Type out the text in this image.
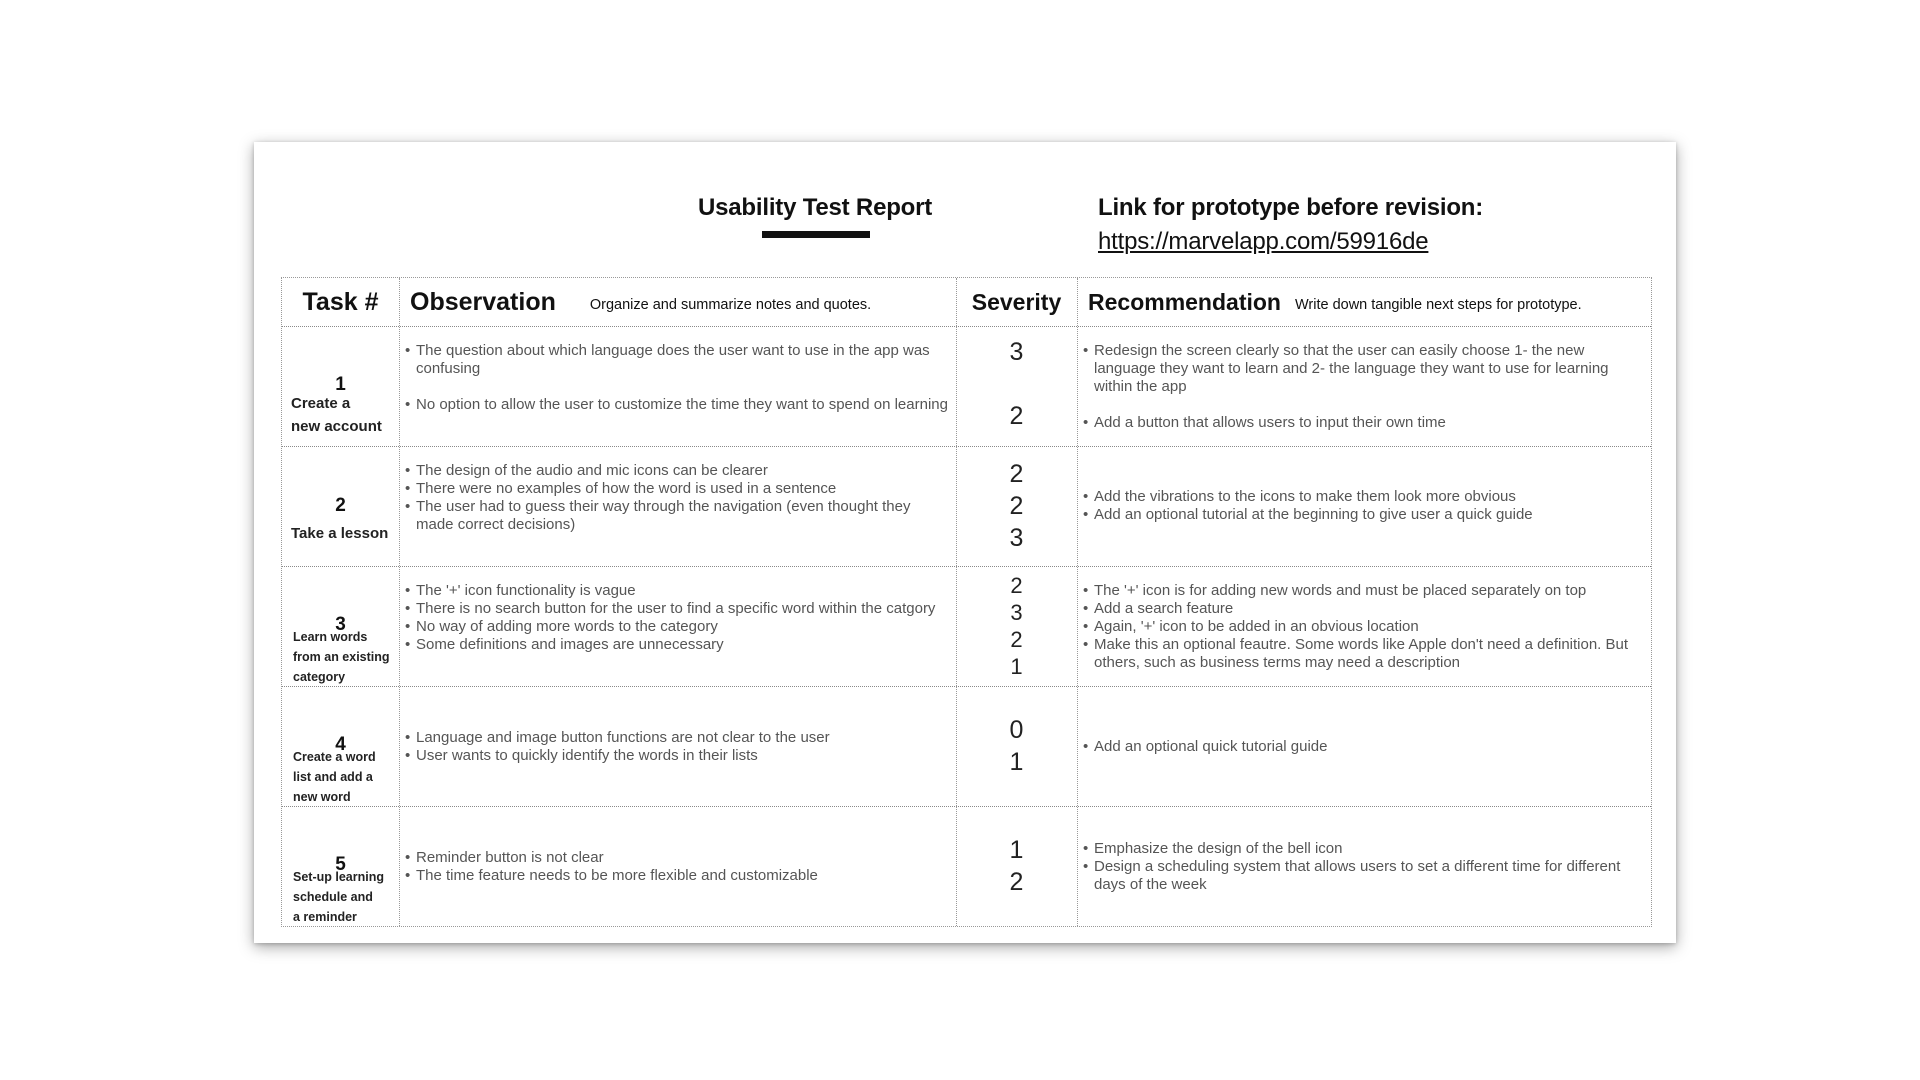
Usability Test Report	Link for prototype before revision:
https://marvelapp.com/59916de
Task # Observation Organize and summarize notes and quotes.	Severity Recommendation Write down tangible next steps for prototype.
1
Create a
new account
• The question about which language does the user want to use in the app was confusing
• No option to allow the user to customize the time they want to spend on learning
3
2
• Redesign the screen clearly so that the user can easily choose 1- the new language they want to learn and 2- the language they want to use for learning within the app
• Add a button that allows users to input their own time
2
Take a lesson
• The design of the audio and mic icons can be clearer
• There were no examples of how the word is used in a sentence
• The user had to guess their way through the navigation (even thought they made correct decisions)
2
2
3
• Add the vibrations to the icons to make them look more obvious
• Add an optional tutorial at the beginning to give user a quick guide
3
Learn words
from an existing
category
• The '+' icon functionality is vague
• There is no search button for the user to find a specific word within the catgory
• No way of adding more words to the category
• Some definitions and images are unnecessary
2
3
2
1
• The '+' icon is for adding new words and must be placed separately on top
• Add a search feature
• Again, '+' icon to be added in an obvious location
• Make this an optional feautre. Some words like Apple don't need a definition. But others, such as business terms may need a description
4
Create a word
list and add a
new word
• Language and image button functions are not clear to the user
• User wants to quickly identify the words in their lists
0
1
• Add an optional quick tutorial guide
5
Set-up learning
schedule and
a reminder
• Reminder button is not clear
• The time feature needs to be more flexible and customizable
1
2
• Emphasize the design of the bell icon
• Design a scheduling system that allows users to set a different time for different days of the week
